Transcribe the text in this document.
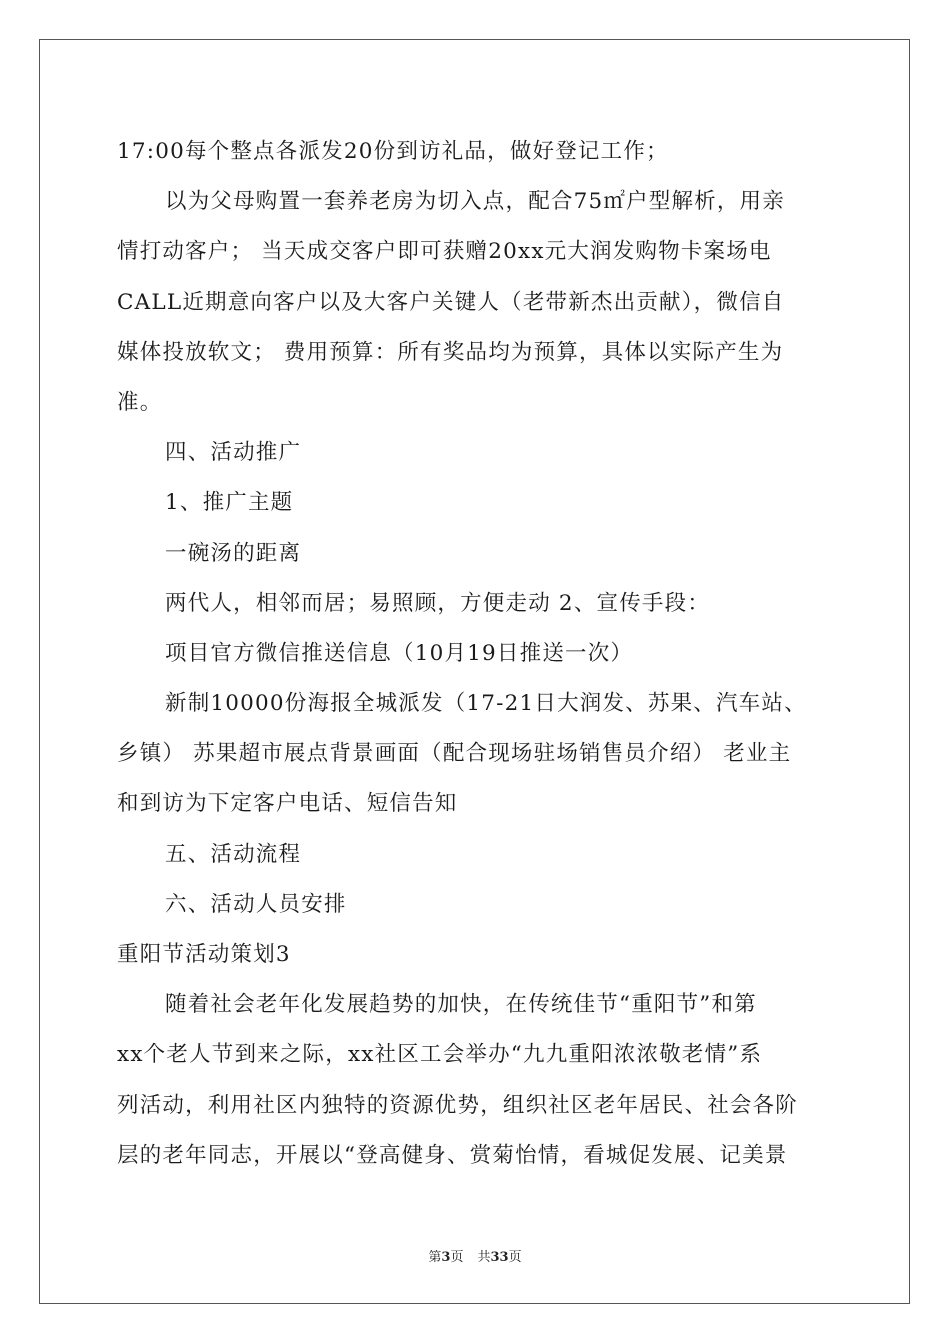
17:00每个整点各派发20份到访礼品，做好登记工作；
以为父母购置一套养老房为切入点，配合75㎡户型解析，用亲
情打动客户； 当天成交客户即可获赠20xx元大润发购物卡案场电
CALL近期意向客户以及大客户关键人（老带新杰出贡献），微信自
媒体投放软文； 费用预算：所有奖品均为预算，具体以实际产生为
准。
四、活动推广
1、推广主题
一碗汤的距离
两代人，相邻而居；易照顾，方便走动 2、宣传手段：
项目官方微信推送信息（10月19日推送一次）
新制10000份海报全城派发（17-21日大润发、苏果、汽车站、
乡镇） 苏果超市展点背景画面（配合现场驻场销售员介绍） 老业主
和到访为下定客户电话、短信告知
五、活动流程
六、活动人员安排
重阳节活动策划3
随着社会老年化发展趋势的加快，在传统佳节“重阳节”和第
xx个老人节到来之际，xx社区工会举办“九九重阳浓浓敬老情”系
列活动，利用社区内独特的资源优势，组织社区老年居民、社会各阶
层的老年同志，开展以“登高健身、赏菊怡情，看城促发展、记美景
第3页 共33页
